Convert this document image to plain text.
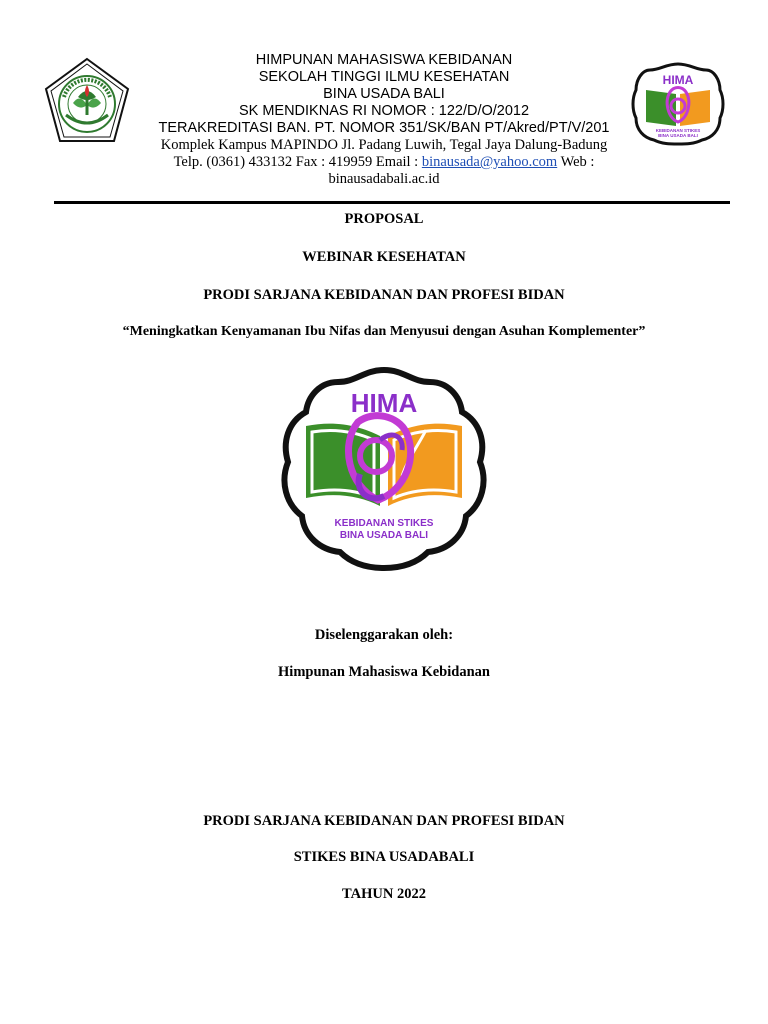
HIMPUNAN MAHASISWA KEBIDANAN
SEKOLAH TINGGI ILMU KESEHATAN
BINA USADA BALI
SK MENDIKNAS RI NOMOR : 122/D/O/2012
TERAKREDITASI BAN. PT. NOMOR 351/SK/BAN PT/Akred/PT/V/201
Komplek Kampus MAPINDO Jl. Padang Luwih, Tegal Jaya Dalung-Badung
Telp. (0361) 433132 Fax : 419959 Email : binausada@yahoo.com Web :
binausadabali.ac.id
HIMA
KEBIDANAN STIKES
BINA USADA BALI
PROPOSAL
WEBINAR KESEHATAN
PRODI SARJANA KEBIDANAN DAN PROFESI BIDAN
“Meningkatkan Kenyamanan Ibu Nifas dan Menyusui dengan Asuhan Komplementer”
HIMA
KEBIDANAN STIKES
BINA USADA BALI
Diselenggarakan oleh:
Himpunan Mahasiswa Kebidanan
PRODI SARJANA KEBIDANAN DAN PROFESI BIDAN
STIKES BINA USADABALI
TAHUN 2022
